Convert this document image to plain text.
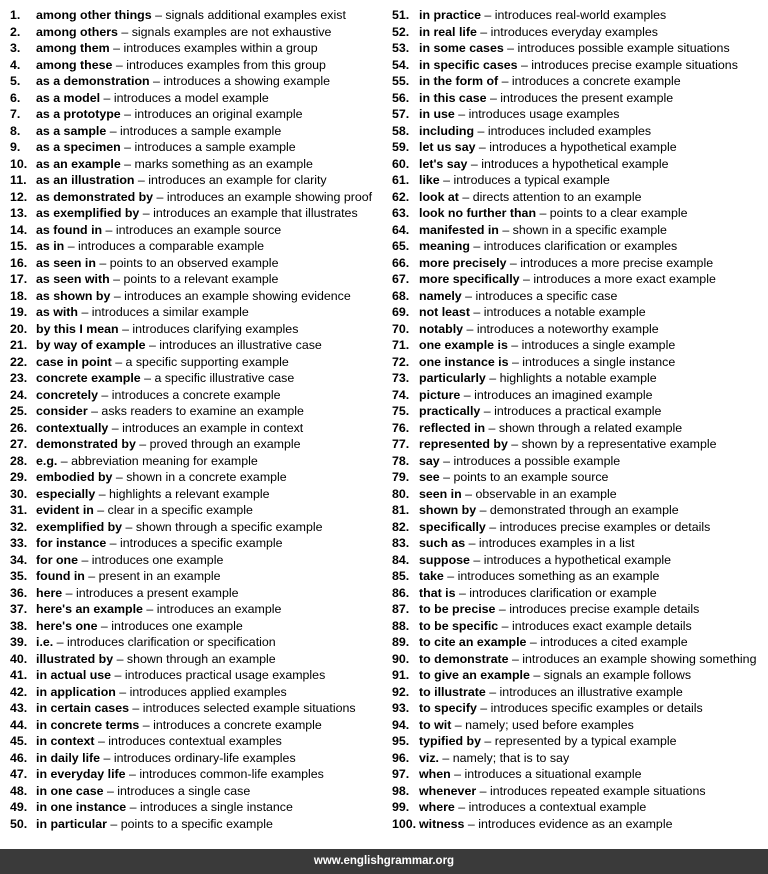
1.	among other things – signals additional examples exist
2.	among others – signals examples are not exhaustive
3.	among them – introduces examples within a group
4.	among these – introduces examples from this group
5.	as a demonstration – introduces a showing example
6.	as a model – introduces a model example
7.	as a prototype – introduces an original example
8.	as a sample – introduces a sample example
9.	as a specimen – introduces a sample example
10. as an example – marks something as an example
11. as an illustration – introduces an example for clarity
12. as demonstrated by – introduces an example showing proof
13. as exemplified by – introduces an example that illustrates
14. as found in – introduces an example source
15. as in – introduces a comparable example
16. as seen in – points to an observed example
17. as seen with – points to a relevant example
18. as shown by – introduces an example showing evidence
19. as with – introduces a similar example
20. by this I mean – introduces clarifying examples
21. by way of example – introduces an illustrative case
22. case in point – a specific supporting example
23. concrete example – a specific illustrative case
24. concretely – introduces a concrete example
25. consider – asks readers to examine an example
26. contextually – introduces an example in context
27. demonstrated by – proved through an example
28. e.g. – abbreviation meaning for example
29. embodied by – shown in a concrete example
30. especially – highlights a relevant example
31. evident in – clear in a specific example
32. exemplified by – shown through a specific example
33. for instance – introduces a specific example
34. for one – introduces one example
35. found in – present in an example
36. here – introduces a present example
37. here's an example – introduces an example
38. here's one – introduces one example
39. i.e. – introduces clarification or specification
40. illustrated by – shown through an example
41. in actual use – introduces practical usage examples
42. in application – introduces applied examples
43. in certain cases – introduces selected example situations
44. in concrete terms – introduces a concrete example
45. in context – introduces contextual examples
46. in daily life – introduces ordinary-life examples
47. in everyday life – introduces common-life examples
48. in one case – introduces a single case
49. in one instance – introduces a single instance
50. in particular – points to a specific example
51. in practice – introduces real-world examples
52. in real life – introduces everyday examples
53. in some cases – introduces possible example situations
54. in specific cases – introduces precise example situations
55. in the form of – introduces a concrete example
56. in this case – introduces the present example
57. in use – introduces usage examples
58. including – introduces included examples
59. let us say – introduces a hypothetical example
60. let's say – introduces a hypothetical example
61. like – introduces a typical example
62. look at – directs attention to an example
63. look no further than – points to a clear example
64. manifested in – shown in a specific example
65. meaning – introduces clarification or examples
66. more precisely – introduces a more precise example
67. more specifically – introduces a more exact example
68. namely – introduces a specific case
69. not least – introduces a notable example
70. notably – introduces a noteworthy example
71. one example is – introduces a single example
72. one instance is – introduces a single instance
73. particularly – highlights a notable example
74. picture – introduces an imagined example
75. practically – introduces a practical example
76. reflected in – shown through a related example
77. represented by – shown by a representative example
78. say – introduces a possible example
79. see – points to an example source
80. seen in – observable in an example
81. shown by – demonstrated through an example
82. specifically – introduces precise examples or details
83. such as – introduces examples in a list
84. suppose – introduces a hypothetical example
85. take – introduces something as an example
86. that is – introduces clarification or example
87. to be precise – introduces precise example details
88. to be specific – introduces exact example details
89. to cite an example – introduces a cited example
90. to demonstrate – introduces an example showing something
91. to give an example – signals an example follows
92. to illustrate – introduces an illustrative example
93. to specify – introduces specific examples or details
94. to wit – namely; used before examples
95. typified by – represented by a typical example
96. viz. – namely; that is to say
97. when – introduces a situational example
98. whenever – introduces repeated example situations
99. where – introduces a contextual example
100. witness – introduces evidence as an example
www.englishgrammar.org
